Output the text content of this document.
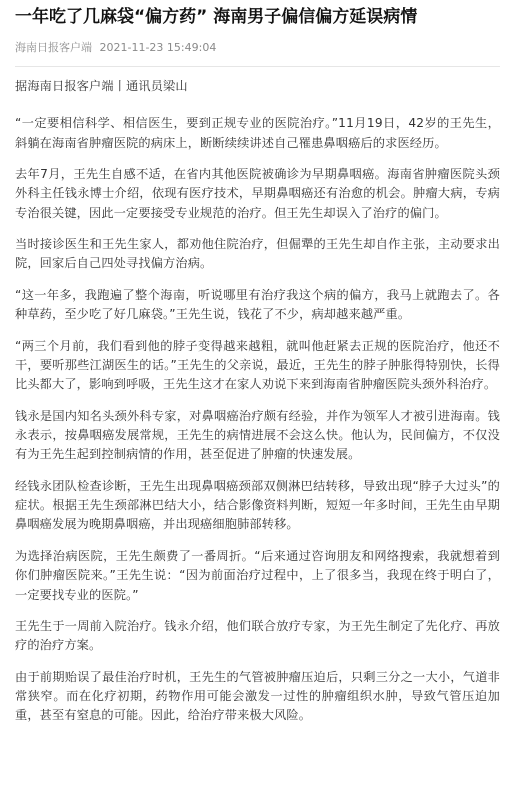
一年吃了几麻袋“偏方药” 海南男子偏信偏方延误病情
海南日报客户端 2021-11-23 15:49:04

据海南日报客户端丨通讯员梁山

“一定要相信科学、相信医生，要到正规专业的医院治疗。”11月19日，42岁的王先生，斜躺在海南省肿瘤医院的病床上，断断续续讲述自己罹患鼻咽癌后的求医经历。

去年7月，王先生自感不适，在省内其他医院被确诊为早期鼻咽癌。海南省肿瘤医院头颈外科主任钱永博士介绍，依现有医疗技术，早期鼻咽癌还有治愈的机会。肿瘤大病，专病专治很关键，因此一定要接受专业规范的治疗。但王先生却误入了治疗的偏门。

当时接诊医生和王先生家人，都劝他住院治疗，但倔犟的王先生却自作主张，主动要求出院，回家后自己四处寻找偏方治病。

“这一年多，我跑遍了整个海南，听说哪里有治疗我这个病的偏方，我马上就跑去了。各种草药，至少吃了好几麻袋。”王先生说，钱花了不少，病却越来越严重。

“两三个月前，我们看到他的脖子变得越来越粗，就叫他赶紧去正规的医院治疗，他还不干，要听那些江湖医生的话。”王先生的父亲说，最近，王先生的脖子肿胀得特别快，长得比头都大了，影响到呼吸，王先生这才在家人劝说下来到海南省肿瘤医院头颈外科治疗。

钱永是国内知名头颈外科专家，对鼻咽癌治疗颇有经验，并作为领军人才被引进海南。钱永表示，按鼻咽癌发展常规，王先生的病情进展不会这么快。他认为，民间偏方，不仅没有为王先生起到控制病情的作用，甚至促进了肿瘤的快速发展。

经钱永团队检查诊断，王先生出现鼻咽癌颈部双侧淋巴结转移，导致出现“脖子大过头”的症状。根据王先生颈部淋巴结大小，结合影像资料判断，短短一年多时间，王先生由早期鼻咽癌发展为晚期鼻咽癌，并出现癌细胞肺部转移。

为选择治病医院，王先生颇费了一番周折。“后来通过咨询朋友和网络搜索，我就想着到你们肿瘤医院来。”王先生说：“因为前面治疗过程中，上了很多当，我现在终于明白了，一定要找专业的医院。”

王先生于一周前入院治疗。钱永介绍，他们联合放疗专家，为王先生制定了先化疗、再放疗的治疗方案。

由于前期贻误了最佳治疗时机，王先生的气管被肿瘤压迫后，只剩三分之一大小，气道非常狭窄。而在化疗初期，药物作用可能会激发一过性的肿瘤组织水肿，导致气管压迫加重，甚至有窒息的可能。因此，给治疗带来极大风险。
